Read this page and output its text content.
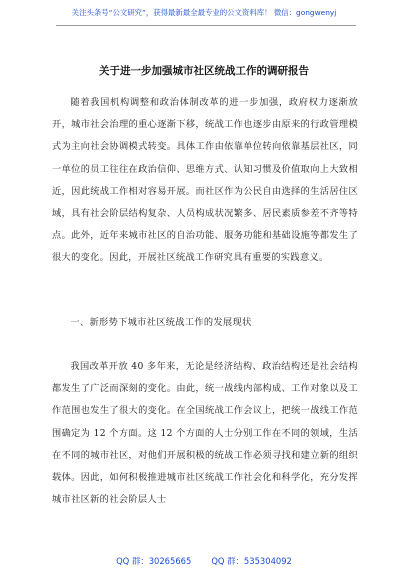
关注头条号“公文研究”，获得最新最全最专业的公文资料库！ 微信：gongwenyj
关于进一步加强城市社区统战工作的调研报告

随着我国机构调整和政治体制改革的进一步加强，政府权力逐渐放开，城市社会治理的重心逐渐下移，统战工作也逐步由原来的行政管理模式为主向社会协调模式转变。具体工作由依靠单位转向依靠基层社区，同一单位的员工往往在政治信仰、思维方式、认知习惯及价值取向上大致相近，因此统战工作相对容易开展。而社区作为公民自由选择的生活居住区域，具有社会阶层结构复杂、人员构成状况繁多、居民素质参差不齐等特点。此外，近年来城市社区的自治功能、服务功能和基础设施等都发生了很大的变化。因此，开展社区统战工作研究具有重要的实践意义。

一、新形势下城市社区统战工作的发展现状

我国改革开放 40 多年来，无论是经济结构、政治结构还是社会结构都发生了广泛而深刻的变化。由此，统一战线内部构成、工作对象以及工作范围也发生了很大的变化。在全国统战工作会议上，把统一战线工作范围确定为 12 个方面。这 12 个方面的人士分别工作在不同的领域，生活在不同的城市社区，对他们开展积极的统战工作必须寻找和建立新的组织载体。因此，如何积极推进城市社区统战工作社会化和科学化，充分发挥城市社区新的社会阶层人士

QQ 群：30265665 QQ 群：535304092
